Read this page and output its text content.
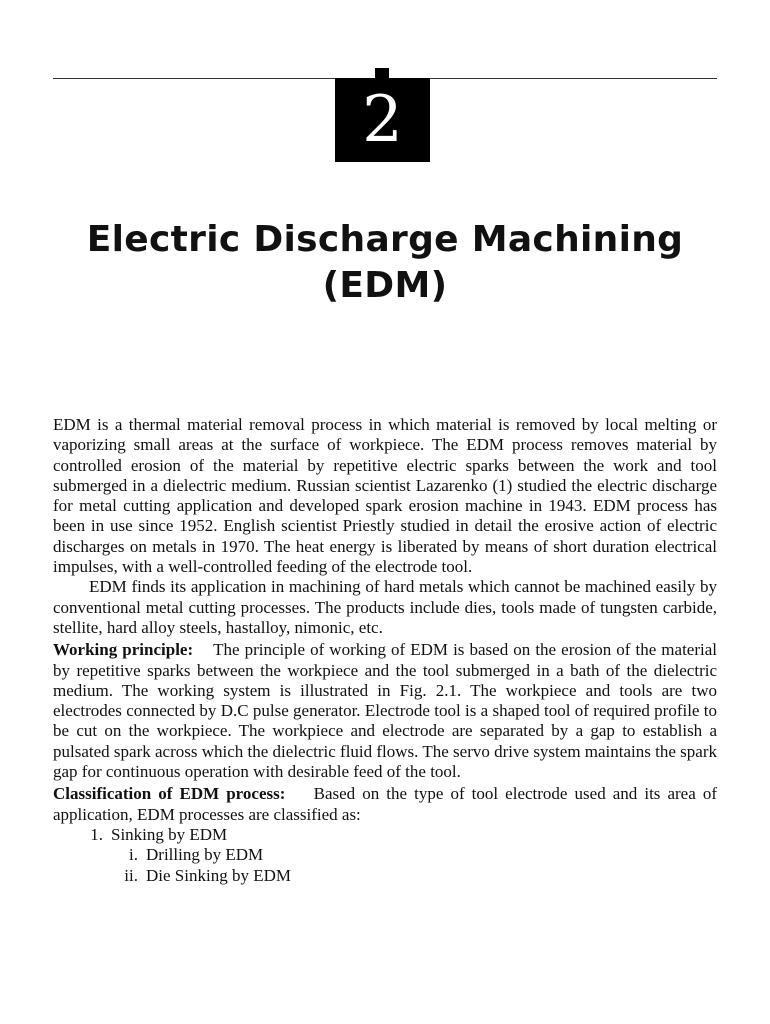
2
Electric Discharge Machining
(EDM)

EDM is a thermal material removal process in which material is removed by local melting or vaporizing small areas at the surface of workpiece. The EDM process removes material by controlled erosion of the material by repetitive electric sparks between the work and tool submerged in a dielectric medium. Russian scientist Lazarenko (1) studied the electric discharge for metal cutting application and developed spark erosion machine in 1943. EDM process has been in use since 1952. English scientist Priestly studied in detail the erosive action of electric discharges on metals in 1970. The heat energy is liberated by means of short duration electrical impulses, with a well-controlled feeding of the electrode tool.

EDM finds its application in machining of hard metals which cannot be machined easily by conventional metal cutting processes. The products include dies, tools made of tungsten carbide, stellite, hard alloy steels, hastalloy, nimonic, etc.

Working principle: The principle of working of EDM is based on the erosion of the material by repetitive sparks between the workpiece and the tool submerged in a bath of the dielectric medium. The working system is illustrated in Fig. 2.1. The workpiece and tools are two electrodes connected by D.C pulse generator. Electrode tool is a shaped tool of required profile to be cut on the workpiece. The workpiece and electrode are separated by a gap to establish a pulsated spark across which the dielectric fluid flows. The servo drive system maintains the spark gap for continuous operation with desirable feed of the tool.

Classification of EDM process: Based on the type of tool electrode used and its area of application, EDM processes are classified as:

1. Sinking by EDM
i. Drilling by EDM
ii. Die Sinking by EDM
